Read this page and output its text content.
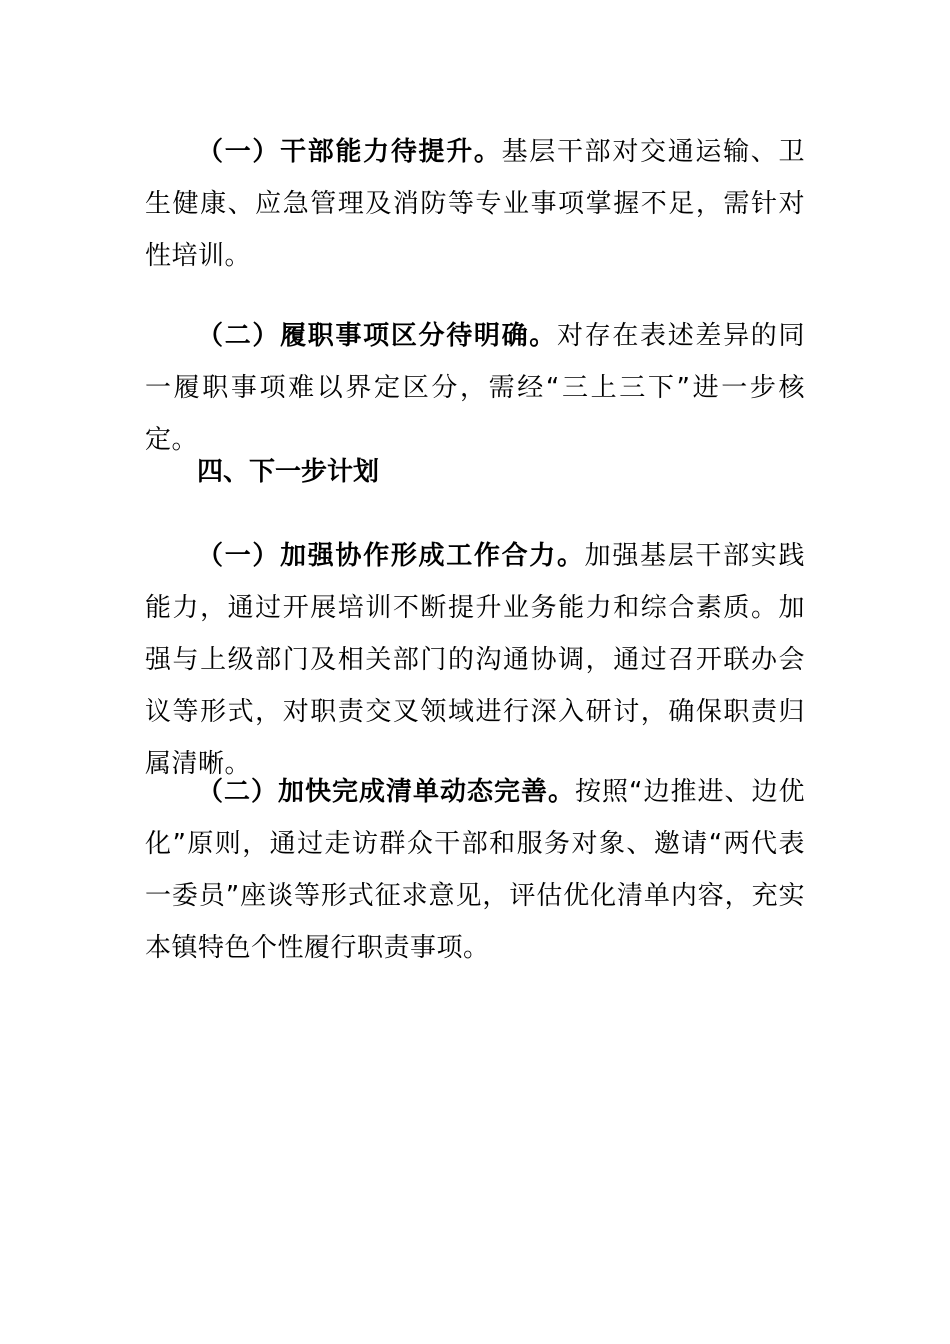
（一）干部能力待提升。基层干部对交通运输、卫生健康、应急管理及消防等专业事项掌握不足，需针对性培训。

（二）履职事项区分待明确。对存在表述差异的同一履职事项难以界定区分，需经“三上三下”进一步核定。

四、下一步计划

（一）加强协作形成工作合力。加强基层干部实践能力，通过开展培训不断提升业务能力和综合素质。加强与上级部门及相关部门的沟通协调，通过召开联办会议等形式，对职责交叉领域进行深入研讨，确保职责归属清晰。

（二）加快完成清单动态完善。按照“边推进、边优化”原则，通过走访群众干部和服务对象、邀请“两代表一委员”座谈等形式征求意见，评估优化清单内容，充实本镇特色个性履行职责事项。
